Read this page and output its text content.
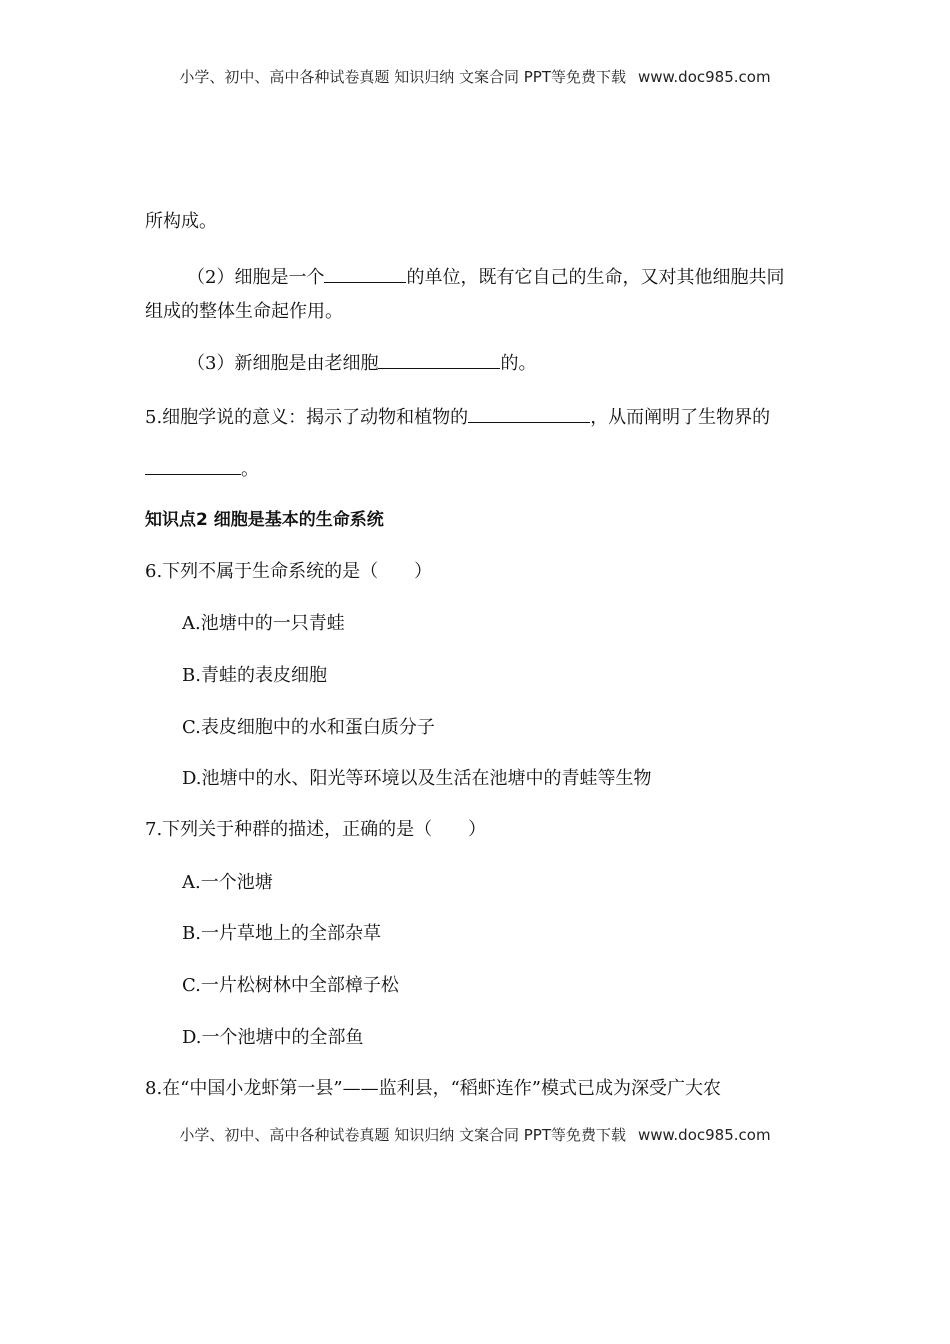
小学、初中、高中各种试卷真题 知识归纳 文案合同 PPT等免费下载 www.doc985.com
所构成。
（2）细胞是一个	的单位，既有它自己的生命，又对其他细胞共同
组成的整体生命起作用。
（3）新细胞是由老细胞	的。
5.细胞学说的意义：揭示了动物和植物的	，从而阐明了生物界的
。
知识点2 细胞是基本的生命系统
6.下列不属于生命系统的是（　　）
A.池塘中的一只青蛙
B.青蛙的表皮细胞
C.表皮细胞中的水和蛋白质分子
D.池塘中的水、阳光等环境以及生活在池塘中的青蛙等生物
7.下列关于种群的描述，正确的是（　　）
A.一个池塘
B.一片草地上的全部杂草
C.一片松树林中全部樟子松
D.一个池塘中的全部鱼
8.在“中国小龙虾第一县”——监利县，“稻虾连作”模式已成为深受广大农
小学、初中、高中各种试卷真题 知识归纳 文案合同 PPT等免费下载 www.doc985.com
